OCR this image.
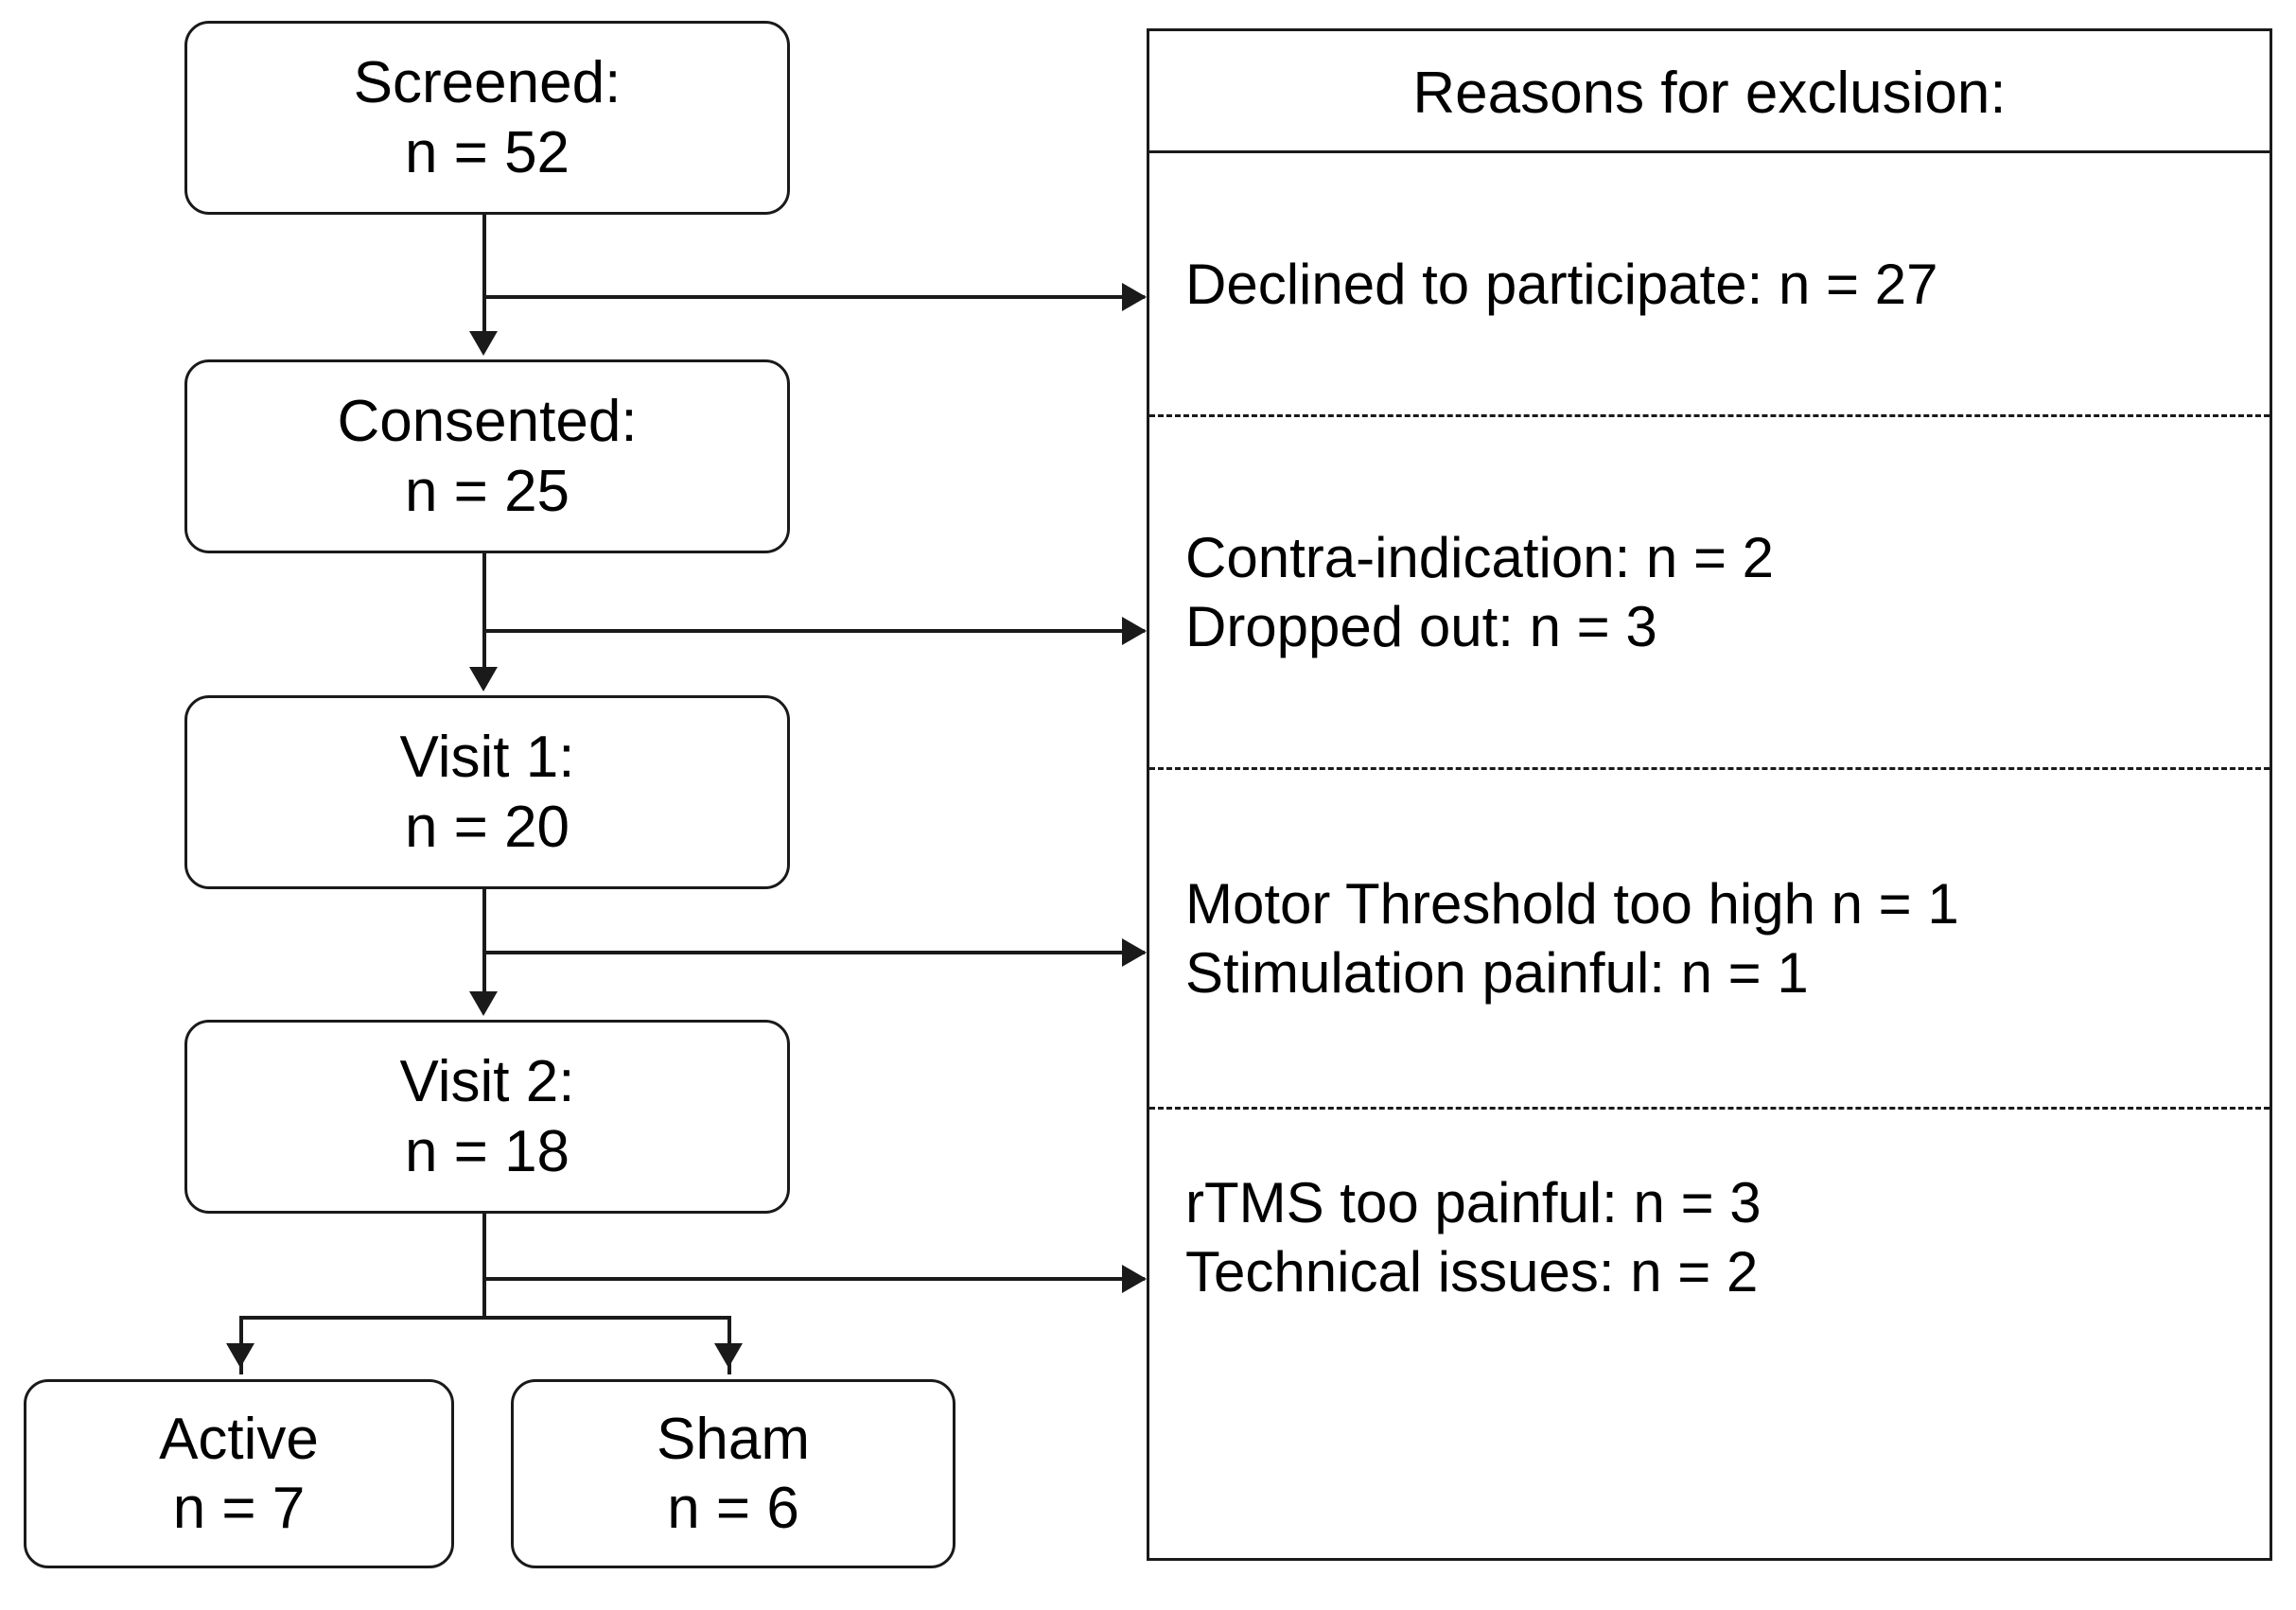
Screened:
n = 52
Consented:
n = 25
Visit 1:
n = 20
Visit 2:
n = 18
Active
n = 7
Sham
n = 6
Reasons for exclusion:

Declined to participate: n = 27

Contra-indication: n = 2

Dropped out: n = 3

Motor Threshold too high n = 1

Stimulation painful: n = 1

rTMS too painful: n = 3

Technical issues: n = 2
